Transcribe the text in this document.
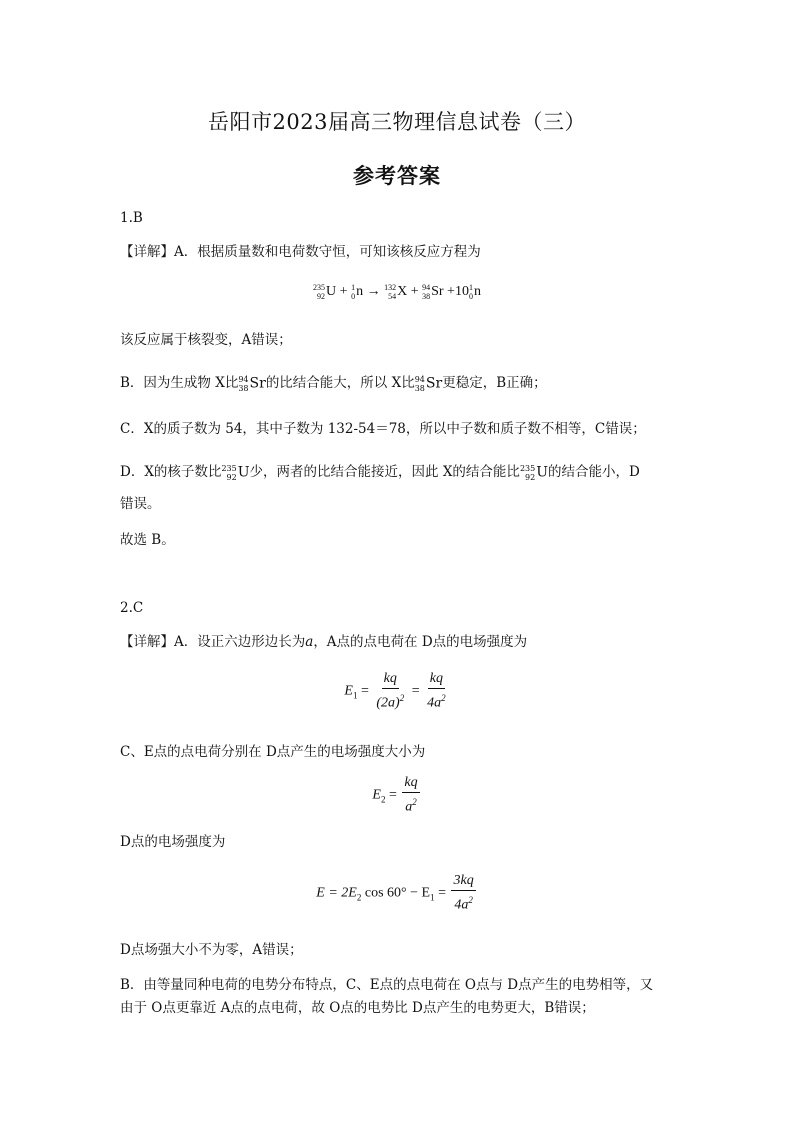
岳阳市2023届高三物理信息试卷（三）
参考答案
1.B
【详解】A．根据质量数和电荷数守恒，可知该核反应方程为
235
92 U + 1
0 n → 132
54 X + 94
38 Sr +10 1
0 n
该反应属于核裂变，A错误；
B．因为生成物 X比 94
38 Sr的比结合能大，所以 X比 94
38 Sr更稳定，B正确；
C．X的质子数为 54，其中子数为 132-54＝78，所以中子数和质子数不相等，C错误；
D．X的核子数比 235
92 U少，两者的比结合能接近，因此 X的结合能比 235
92 U的结合能小，D
错误。
故选 B。
2.C
【详解】A．设正六边形边长为a，A点的点电荷在 D点的电场强度为
$E_1 = \frac{kq}{(2a)^2} = \frac{kq}{4a^2}$
C、E点的点电荷分别在 D点产生的电场强度大小为
$E_2 = \frac{kq}{a^2}$
D点的电场强度为
$E = 2E_2$ $\cos 60^\circ - E_1 = \frac{3kq}{4a^2}$
D点场强大小不为零，A错误；
B．由等量同种电荷的电势分布特点，C、E点的点电荷在 O点与 D点产生的电势相等，又
由于 O点更靠近 A点的点电荷，故 O点的电势比 D点产生的电势更大，B错误；
